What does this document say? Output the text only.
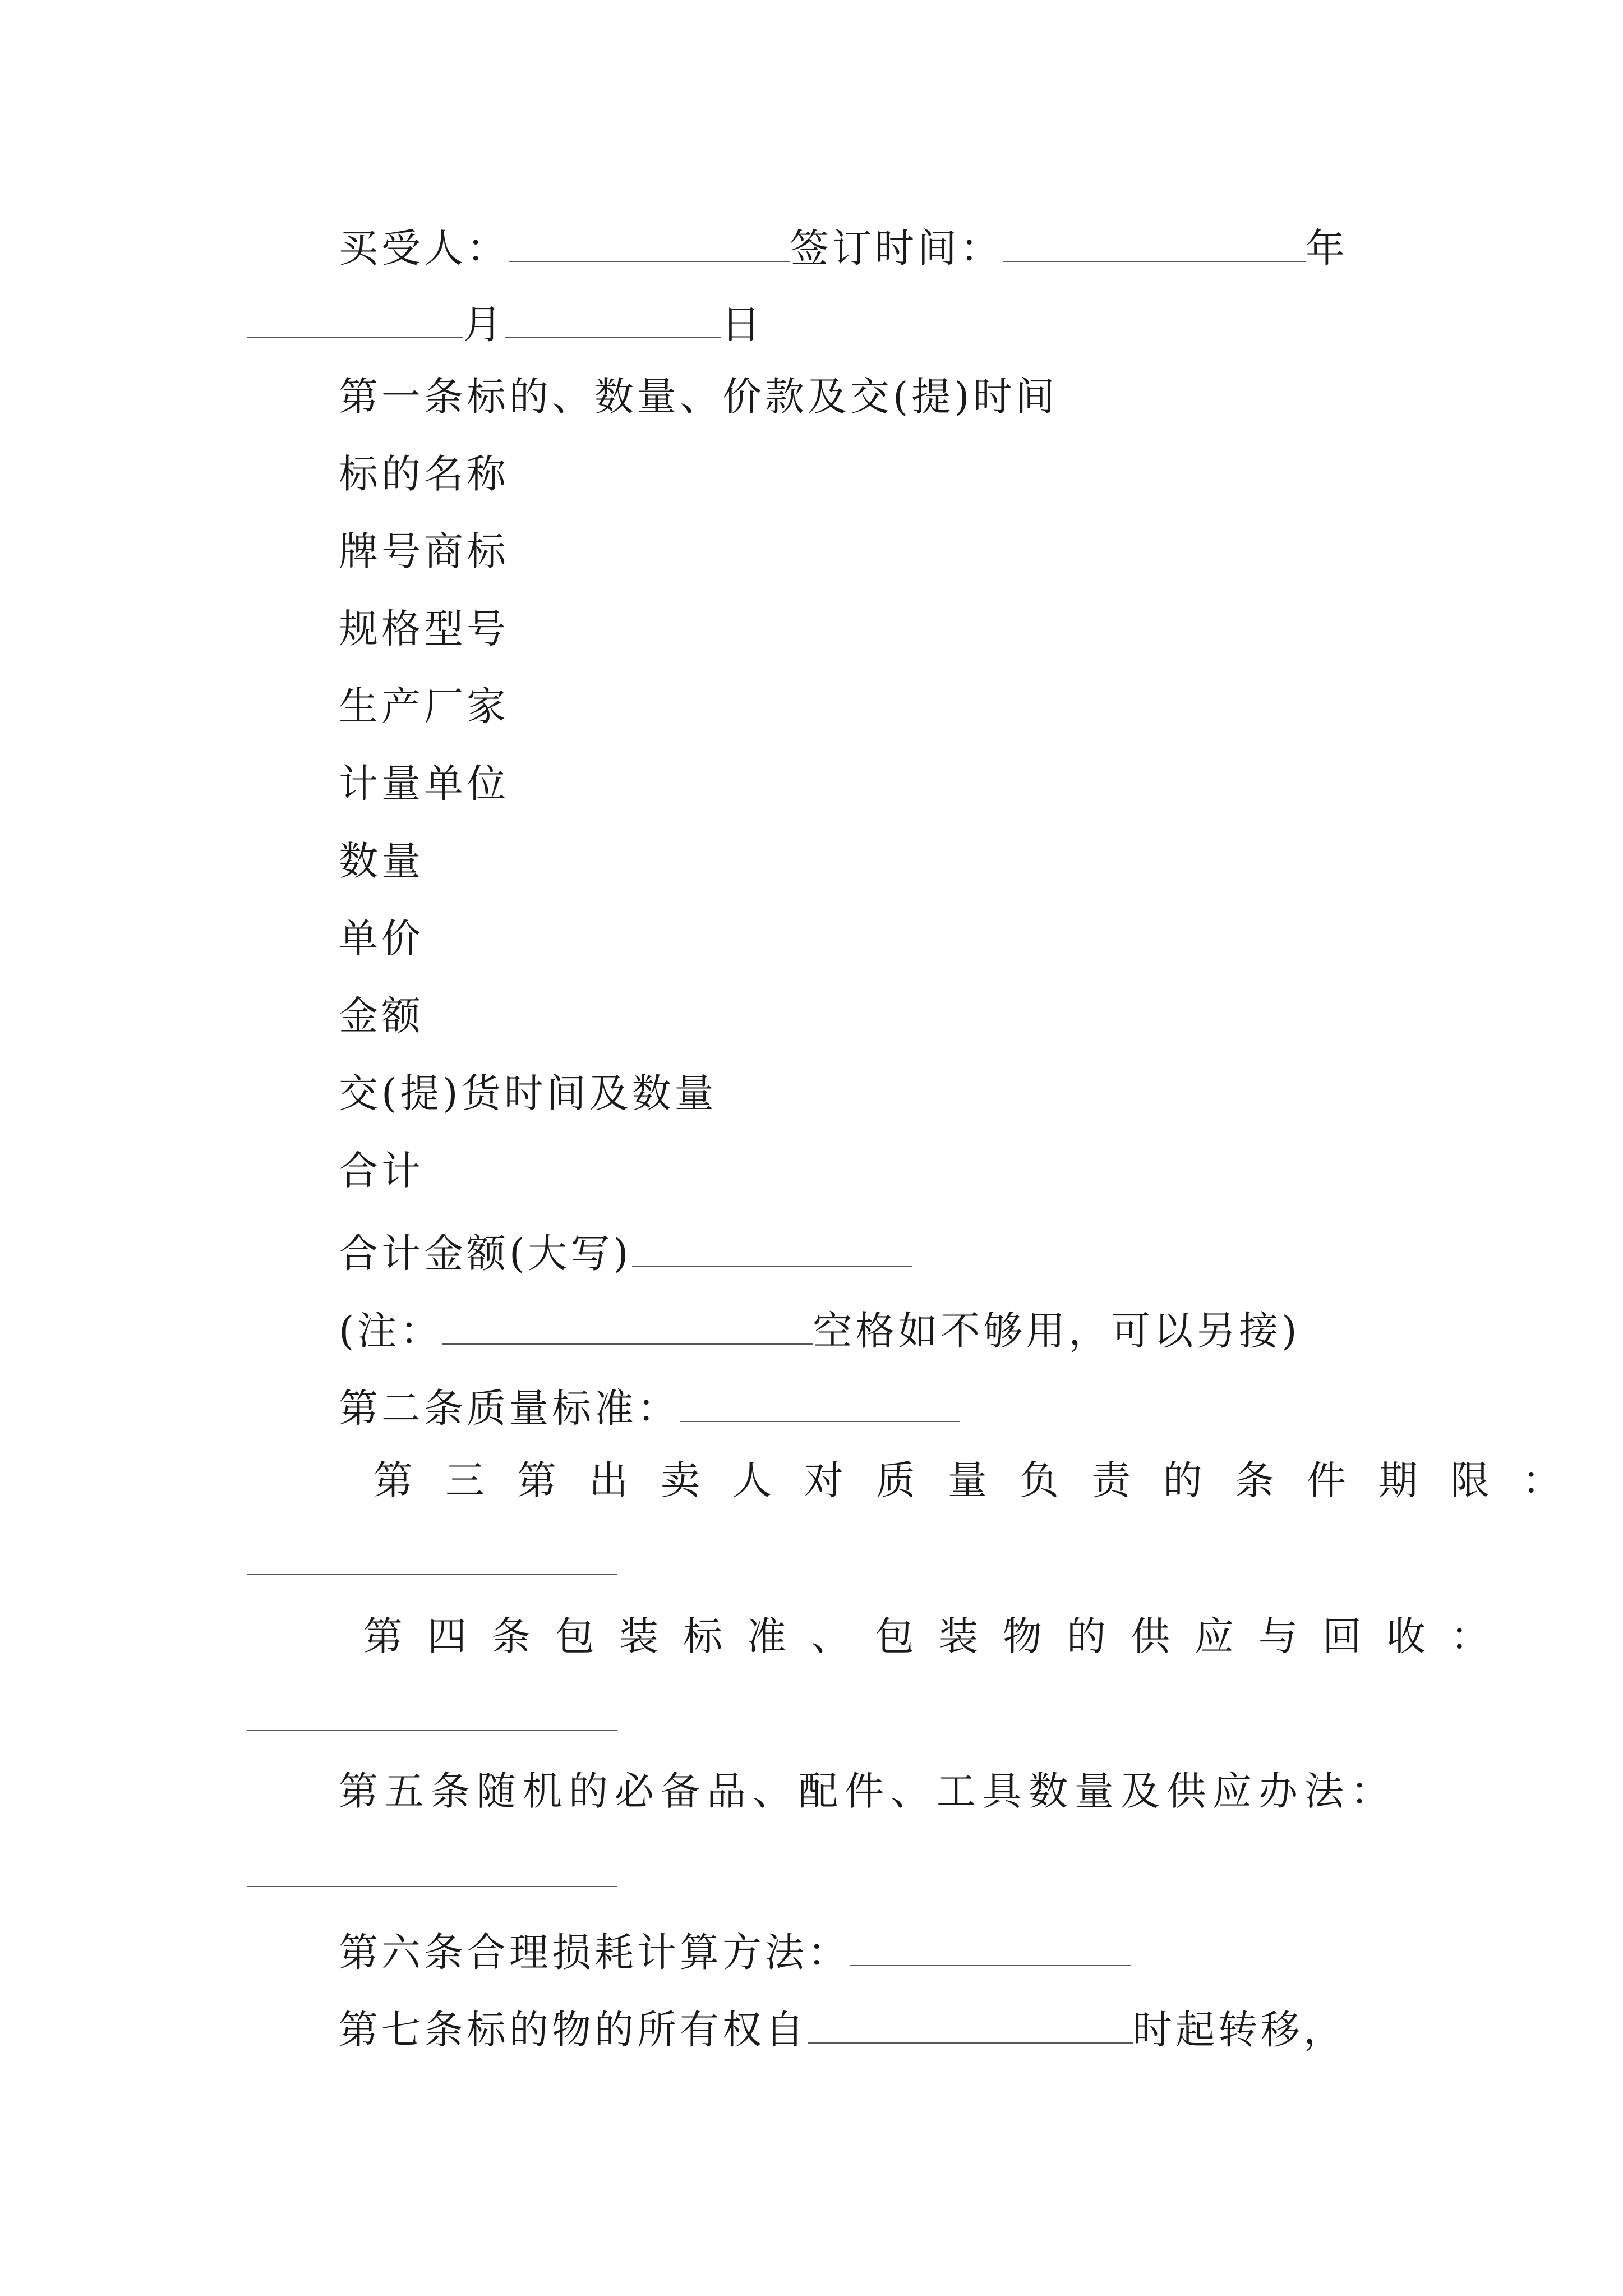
买受人：	签订时间：	年
月	日
第一条标的、数量、价款及交(提)时间
标的名称
牌号商标
规格型号
生产厂家
计量单位
数量
单价
金额
交(提)货时间及数量
合计
合计金额(大写)
(注：	空格如不够用，可以另接)
第二条质量标准：
第三第出卖人对质量负责的条件期限：
第四条包装标准、包装物的供应与回收：
第五条随机的必备品、配件、工具数量及供应办法：
第六条合理损耗计算方法：
第七条标的物的所有权自	时起转移，
